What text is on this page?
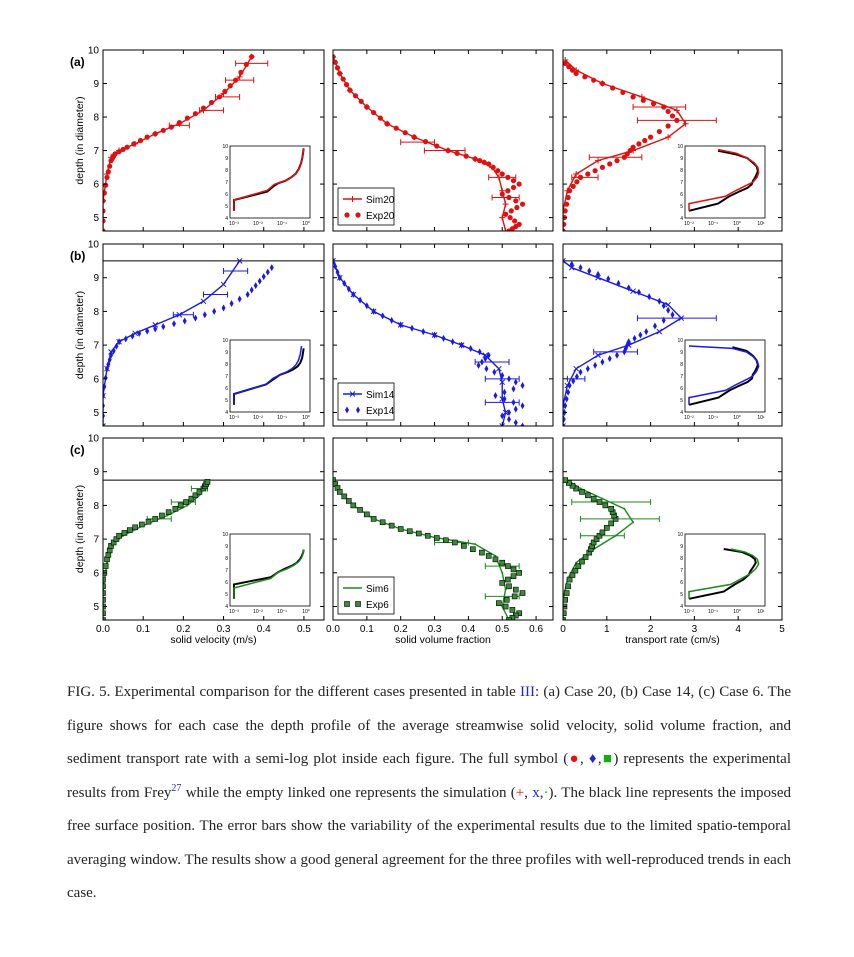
(a)
depth (in diameter)
5
6
7
8
9
10
4
5
6
7
8
9
10
10⁻³	10⁻²	10⁻¹	10⁰
Sim20
Exp20	4
5
6
7
8
9
10
10⁻²	10⁻¹	10⁰	10¹
(b)
depth (in diameter)
5
6
7
8
9
10
4
5
6
7
8
9
10
10⁻³	10⁻²	10⁻¹	10⁰
Sim14
Exp14	4
5
6
7
8
9
10
10⁻²	10⁻¹	10⁰	10¹
(c)
depth (in diameter)
5
6
7
8
9
10
0.0	0.1	0.2	0.3	0.4	0.5
solid velocity (m/s)
4
5
6
7
8
9
10
10⁻³	10⁻²	10⁻¹	10⁰
0.0 0.1 0.2 0.3 0.4 0.5 0.6
solid volume fraction
Sim6
Exp6
0	1	2	3	4	5
transport rate (cm/s)
4
5
6
7
8
9
10
10⁻²	10⁻¹	10⁰	10¹
FIG. 5. Experimental comparison for the different cases presented in table III: (a) Case 20, (b) Case 14, (c) Case 6. The figure shows for each case the depth profile of the average streamwise solid velocity, solid volume fraction, and sediment transport rate with a semi-log plot inside each figure. The full symbol (●, ♦,■) represents the experimental results from Frey$^{27}$ while the empty linked one represents the simulation (+, x,·). The black line represents the imposed free surface position. The error bars show the variability of the experimental results due to the limited spatio-temporal averaging window. The results show a good general agreement for the three profiles with well-reproduced trends in each case.
